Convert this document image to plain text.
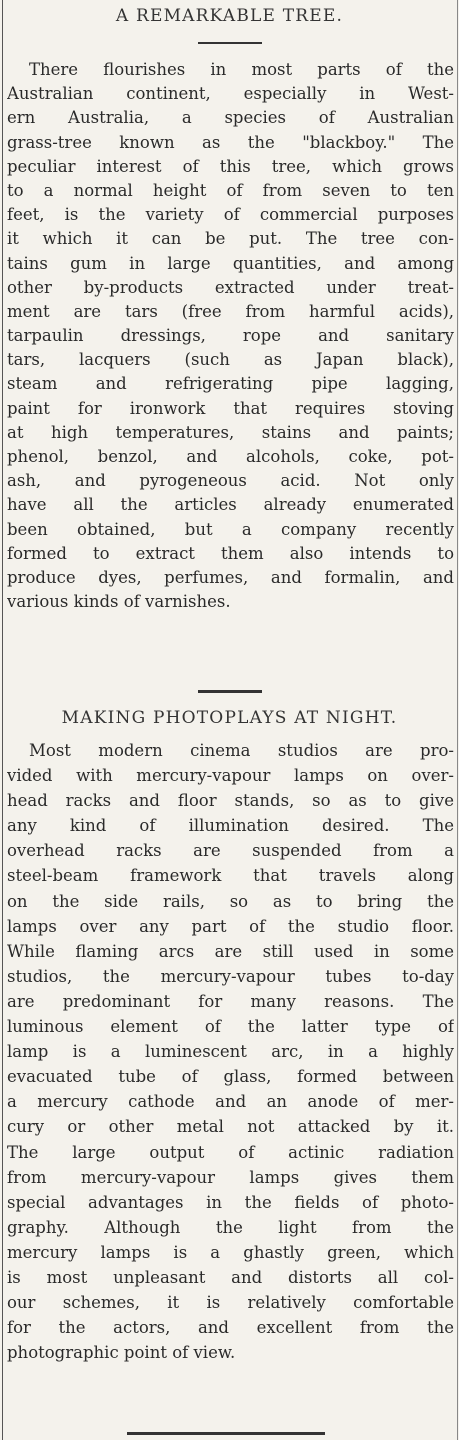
A REMARKABLE TREE.
There flourishes in most parts of the
Australian continent, especially in West-
ern Australia, a species of Australian
grass-tree known as the "blackboy." The
peculiar interest of this tree, which grows
to a normal height of from seven to ten
feet, is the variety of commercial purposes
it which it can be put. The tree con-
tains gum in large quantities, and among
other by-products extracted under treat-
ment are tars (free from harmful acids),
tarpaulin dressings, rope and sanitary
tars, lacquers (such as Japan black),
steam and refrigerating pipe lagging,
paint for ironwork that requires stoving
at high temperatures, stains and paints;
phenol, benzol, and alcohols, coke, pot-
ash, and pyrogeneous acid. Not only
have all the articles already enumerated
been obtained, but a company recently
formed to extract them also intends to
produce dyes, perfumes, and formalin, and
various kinds of varnishes.
MAKING PHOTOPLAYS AT NIGHT.
Most modern cinema studios are pro-
vided with mercury-vapour lamps on over-
head racks and floor stands, so as to give
any kind of illumination desired. The
overhead racks are suspended from a
steel-beam framework that travels along
on the side rails, so as to bring the
lamps over any part of the studio floor.
While flaming arcs are still used in some
studios, the mercury-vapour tubes to-day
are predominant for many reasons. The
luminous element of the latter type of
lamp is a luminescent arc, in a highly
evacuated tube of glass, formed between
a mercury cathode and an anode of mer-
cury or other metal not attacked by it.
The large output of actinic radiation
from mercury-vapour lamps gives them
special advantages in the fields of photo-
graphy. Although the light from the
mercury lamps is a ghastly green, which
is most unpleasant and distorts all col-
our schemes, it is relatively comfortable
for the actors, and excellent from the
photographic point of view.
